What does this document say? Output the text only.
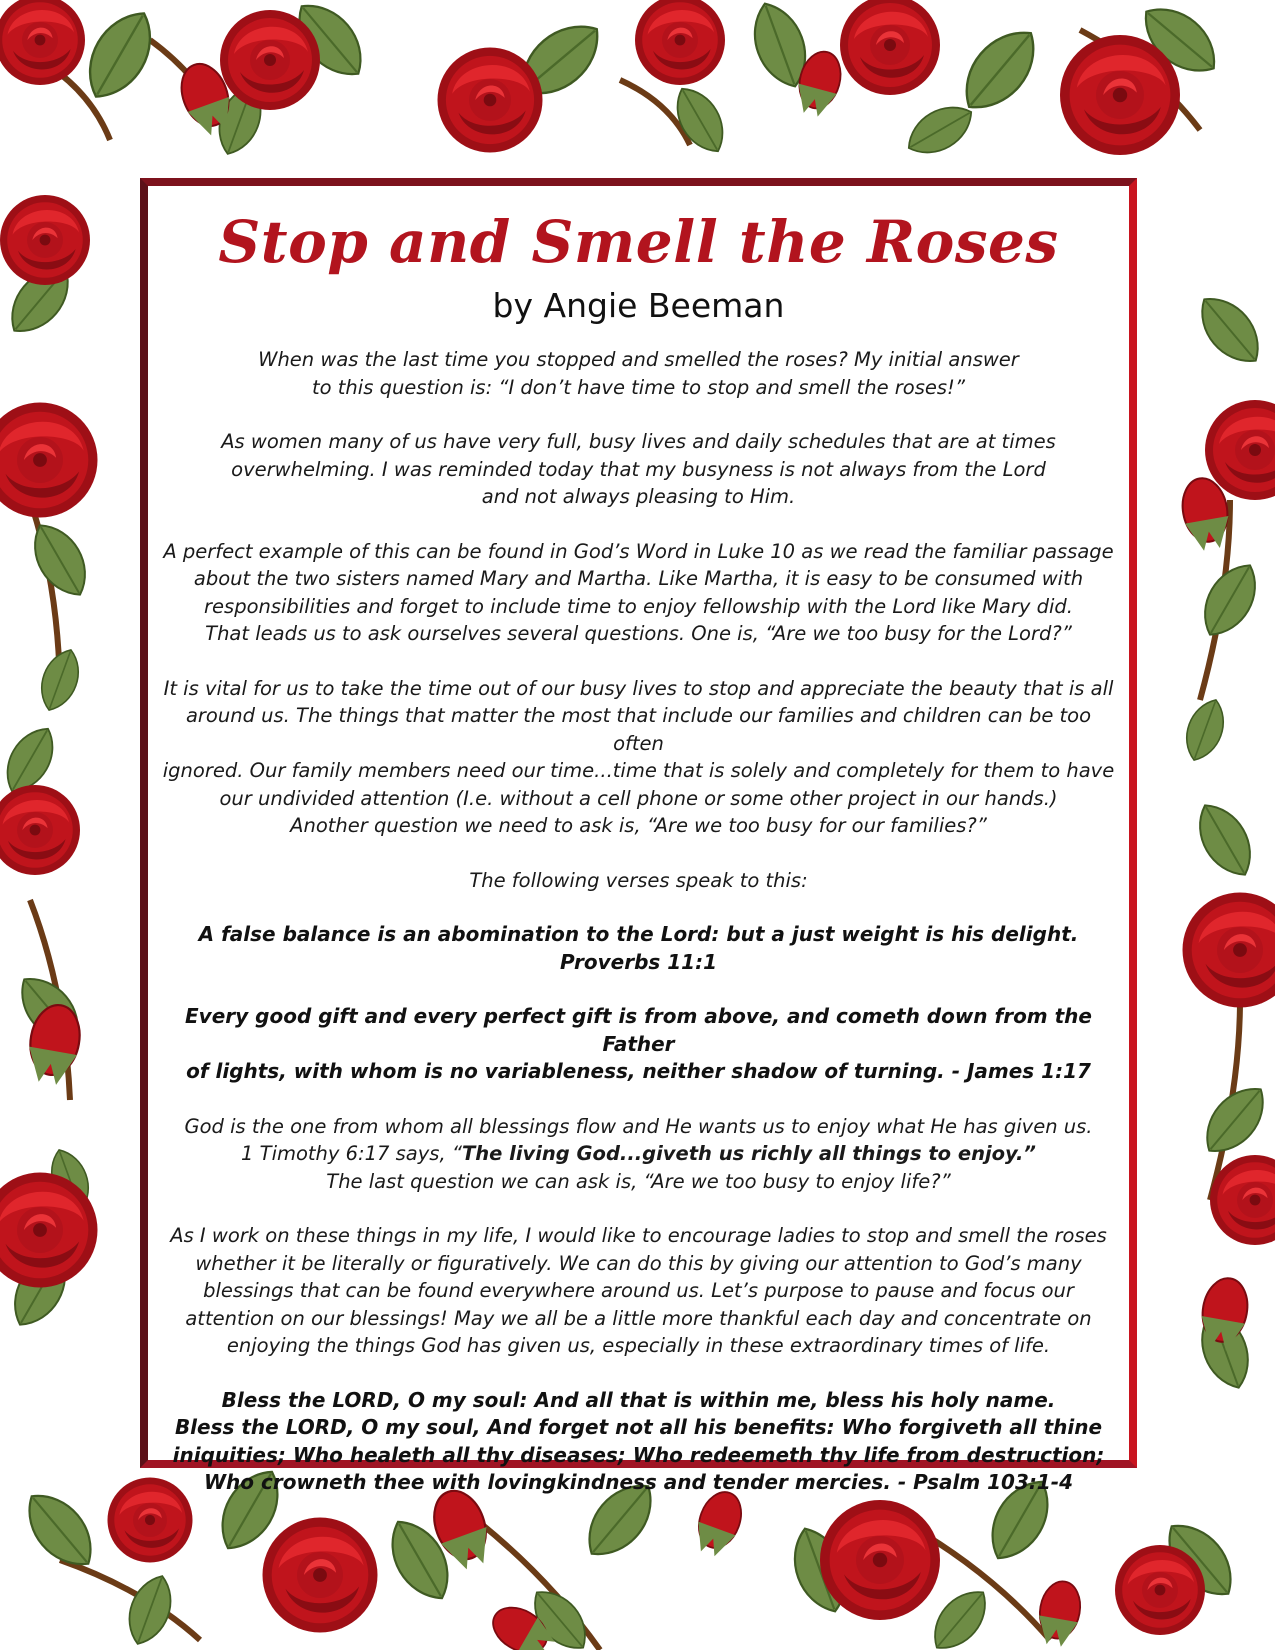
Stop and Smell the Roses
by Angie Beeman

When was the last time you stopped and smelled the roses? My initial answer
to this question is: “I don’t have time to stop and smell the roses!”

As women many of us have very full, busy lives and daily schedules that are at times
overwhelming. I was reminded today that my busyness is not always from the Lord
and not always pleasing to Him.

A perfect example of this can be found in God’s Word in Luke 10 as we read the familiar passage
about the two sisters named Mary and Martha. Like Martha, it is easy to be consumed with
responsibilities and forget to include time to enjoy fellowship with the Lord like Mary did.
That leads us to ask ourselves several questions. One is, “Are we too busy for the Lord?”

It is vital for us to take the time out of our busy lives to stop and appreciate the beauty that is all
around us. The things that matter the most that include our families and children can be too often
ignored. Our family members need our time...time that is solely and completely for them to have
our undivided attention (I.e. without a cell phone or some other project in our hands.)
Another question we need to ask is, “Are we too busy for our families?”

The following verses speak to this:

A false balance is an abomination to the Lord: but a just weight is his delight.
Proverbs 11:1

Every good gift and every perfect gift is from above, and cometh down from the Father
of lights, with whom is no variableness, neither shadow of turning. - James 1:17

God is the one from whom all blessings flow and He wants us to enjoy what He has given us.
1 Timothy 6:17 says, “The living God...giveth us richly all things to enjoy.”
The last question we can ask is, “Are we too busy to enjoy life?”

As I work on these things in my life, I would like to encourage ladies to stop and smell the roses
whether it be literally or figuratively. We can do this by giving our attention to God’s many
blessings that can be found everywhere around us. Let’s purpose to pause and focus our
attention on our blessings! May we all be a little more thankful each day and concentrate on
enjoying the things God has given us, especially in these extraordinary times of life.

Bless the LORD, O my soul: And all that is within me, bless his holy name.
Bless the LORD, O my soul, And forget not all his benefits: Who forgiveth all thine
iniquities; Who healeth all thy diseases; Who redeemeth thy life from destruction;
Who crowneth thee with lovingkindness and tender mercies. - Psalm 103:1-4
